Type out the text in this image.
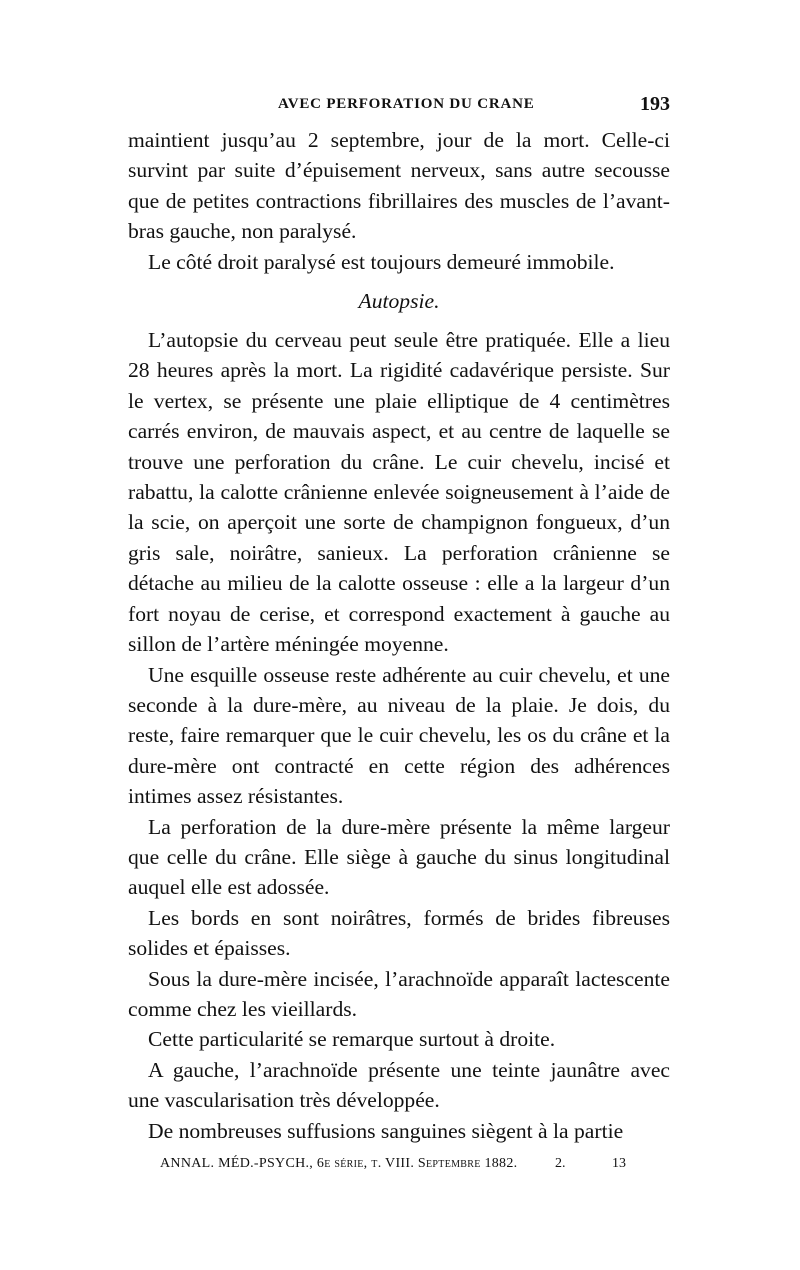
AVEC PERFORATION DU CRANE	193

maintient jusqu’au 2 septembre, jour de la mort. Celle-ci survint par suite d’épuisement nerveux, sans autre secousse que de petites contractions fibrillaires des muscles de l’avant-bras gauche, non paralysé.

Le côté droit paralysé est toujours demeuré immobile.

Autopsie.

L’autopsie du cerveau peut seule être pratiquée. Elle a lieu 28 heures après la mort. La rigidité cadavérique persiste. Sur le vertex, se présente une plaie elliptique de 4 centimètres carrés environ, de mauvais aspect, et au centre de laquelle se trouve une perforation du crâne. Le cuir chevelu, incisé et rabattu, la calotte crânienne enlevée soigneusement à l’aide de la scie, on aperçoit une sorte de champignon fongueux, d’un gris sale, noirâtre, sanieux. La perforation crânienne se détache au milieu de la calotte osseuse : elle a la largeur d’un fort noyau de cerise, et correspond exactement à gauche au sillon de l’artère méningée moyenne.

Une esquille osseuse reste adhérente au cuir chevelu, et une seconde à la dure-mère, au niveau de la plaie. Je dois, du reste, faire remarquer que le cuir chevelu, les os du crâne et la dure-mère ont contracté en cette région des adhérences intimes assez résistantes.

La perforation de la dure-mère présente la même largeur que celle du crâne. Elle siège à gauche du sinus longitudinal auquel elle est adossée.

Les bords en sont noirâtres, formés de brides fibreuses solides et épaisses.

Sous la dure-mère incisée, l’arachnoïde apparaît lactescente comme chez les vieillards.

Cette particularité se remarque surtout à droite.

A gauche, l’arachnoïde présente une teinte jaunâtre avec une vascularisation très développée.

De nombreuses suffusions sanguines siègent à la partie

ANNAL. MÉD.-PSYCH., 6e série, t. VIII. Septembre 1882.	2.	13
